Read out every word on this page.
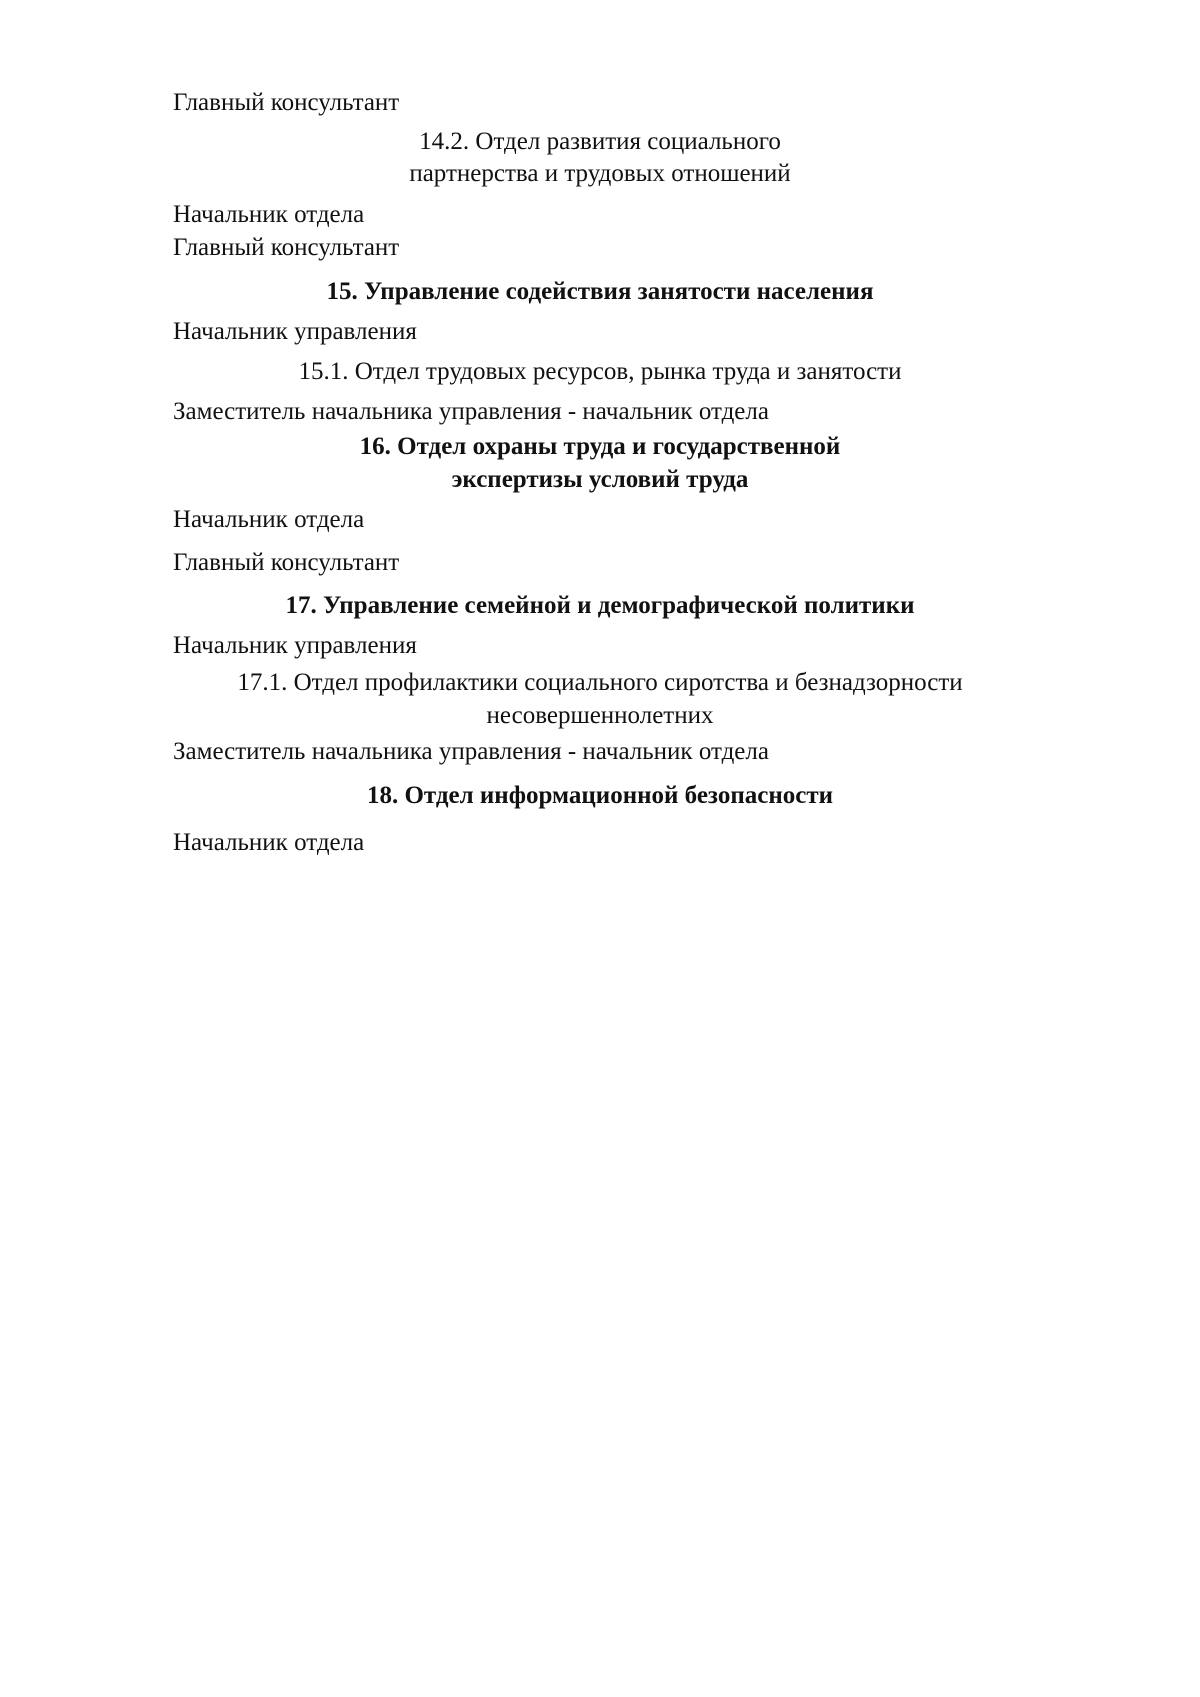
Главный консультант
14.2. Отдел развития социального
партнерства и трудовых отношений
Начальник отдела
Главный консультант
15. Управление содействия занятости населения
Начальник управления
15.1. Отдел трудовых ресурсов, рынка труда и занятости
Заместитель начальника управления - начальник отдела
16. Отдел охраны труда и государственной
экспертизы условий труда
Начальник отдела
Главный консультант
17. Управление семейной и демографической политики
Начальник управления
17.1. Отдел профилактики социального сиротства и безнадзорности
несовершеннолетних
Заместитель начальника управления - начальник отдела
18. Отдел информационной безопасности
Начальник отдела
